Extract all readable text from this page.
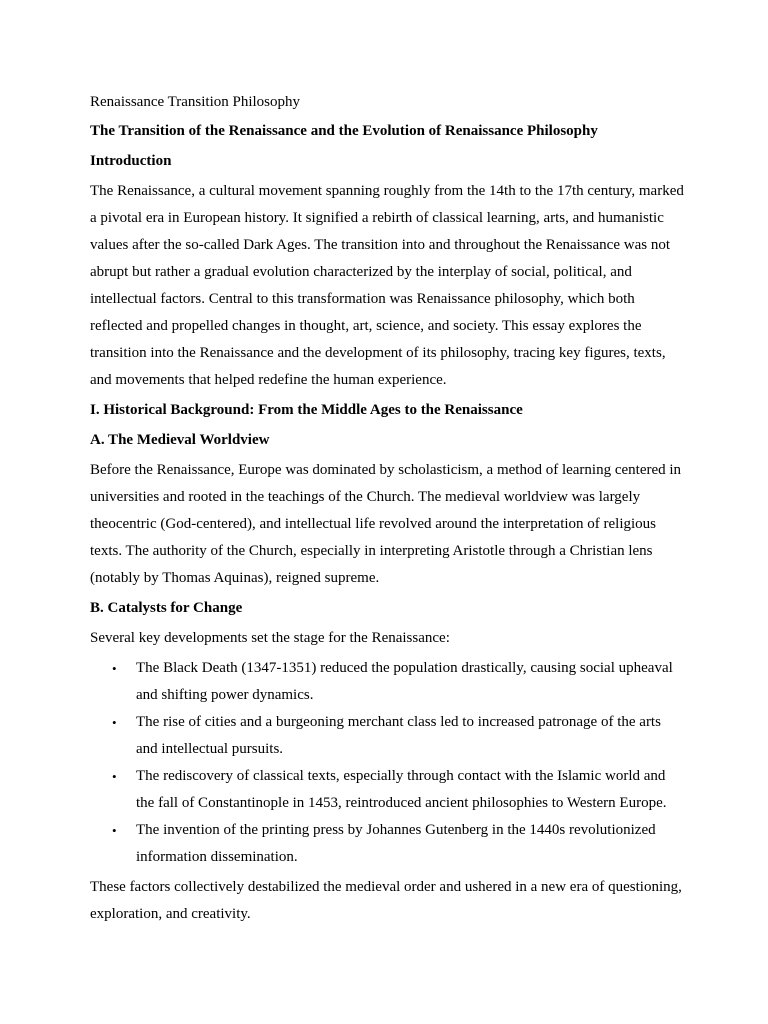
Renaissance Transition Philosophy

The Transition of the Renaissance and the Evolution of Renaissance Philosophy

Introduction

The Renaissance, a cultural movement spanning roughly from the 14th to the 17th century, marked a pivotal era in European history. It signified a rebirth of classical learning, arts, and humanistic values after the so-called Dark Ages. The transition into and throughout the Renaissance was not abrupt but rather a gradual evolution characterized by the interplay of social, political, and intellectual factors. Central to this transformation was Renaissance philosophy, which both reflected and propelled changes in thought, art, science, and society. This essay explores the transition into the Renaissance and the development of its philosophy, tracing key figures, texts, and movements that helped redefine the human experience.

I. Historical Background: From the Middle Ages to the Renaissance

A. The Medieval Worldview

Before the Renaissance, Europe was dominated by scholasticism, a method of learning centered in universities and rooted in the teachings of the Church. The medieval worldview was largely theocentric (God-centered), and intellectual life revolved around the interpretation of religious texts. The authority of the Church, especially in interpreting Aristotle through a Christian lens (notably by Thomas Aquinas), reigned supreme.

B. Catalysts for Change

Several key developments set the stage for the Renaissance:

• The Black Death (1347-1351) reduced the population drastically, causing social upheaval and shifting power dynamics.
• The rise of cities and a burgeoning merchant class led to increased patronage of the arts and intellectual pursuits.
• The rediscovery of classical texts, especially through contact with the Islamic world and the fall of Constantinople in 1453, reintroduced ancient philosophies to Western Europe.
• The invention of the printing press by Johannes Gutenberg in the 1440s revolutionized information dissemination.

These factors collectively destabilized the medieval order and ushered in a new era of questioning, exploration, and creativity.
